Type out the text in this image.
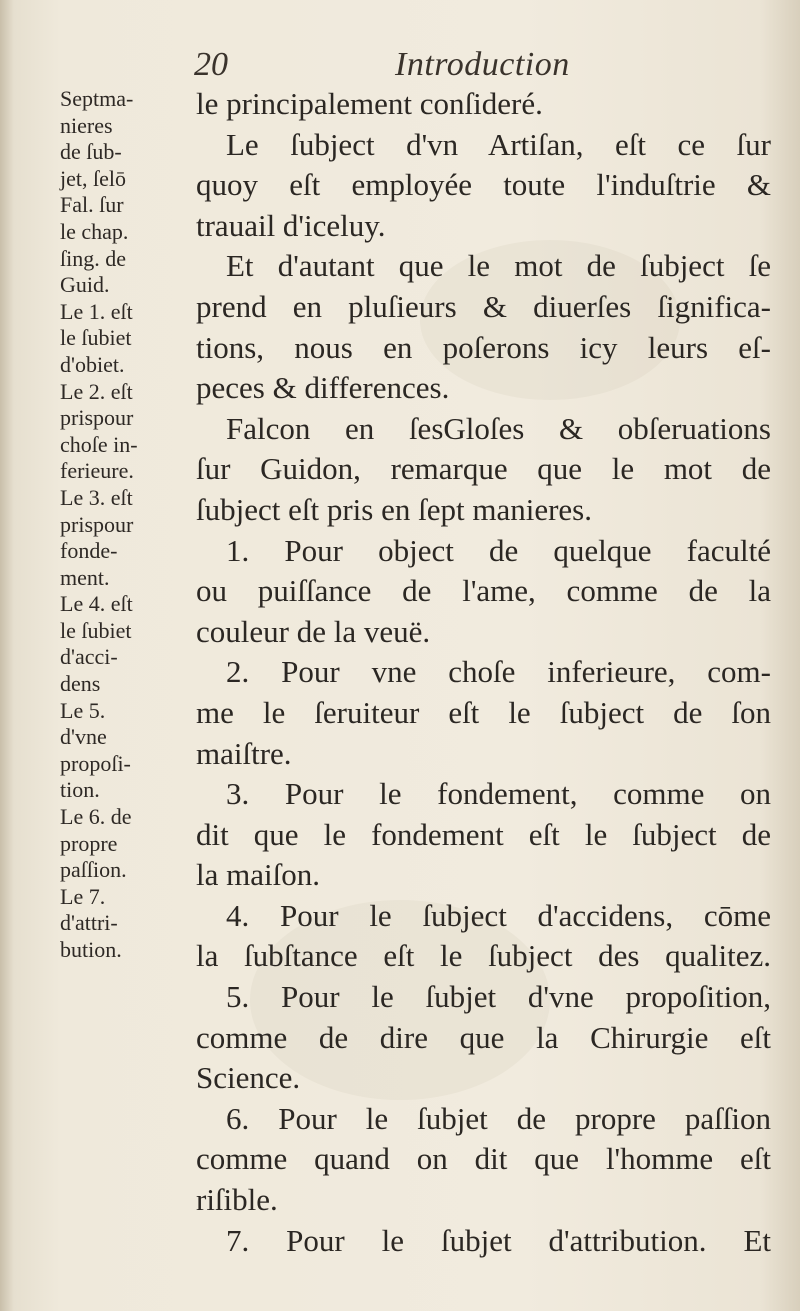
20	Introduction
Septma-
nieres
de ſub-
jet, ſelō
Fal. ſur
le chap.
ſing. de
Guid.
Le 1. eſt
le ſubiet
d'obiet.
Le 2. eſt
prispour
choſe in-
ferieure.
Le 3. eſt
prispour
fonde-
ment.
Le 4. eſt
le ſubiet
d'acci-
dens
Le 5.
d'vne
propoſi-
tion.
Le 6. de
propre
paſſion.
Le 7.
d'attri-
bution.
le principalement conſideré.
Le ſubject d'vn Artiſan, eſt ce ſur
quoy eſt employée toute l'induſtrie &
trauail d'iceluy.
Et d'autant que le mot de ſubject ſe
prend en pluſieurs & diuerſes ſignifica-
tions, nous en poſerons icy leurs eſ-
peces & differences.
Falcon en ſesGloſes & obſeruations
ſur Guidon, remarque que le mot de
ſubject eſt pris en ſept manieres.
1. Pour object de quelque faculté
ou puiſſance de l'ame, comme de la
couleur de la veuë.
2. Pour vne choſe inferieure, com-
me le ſeruiteur eſt le ſubject de ſon
maiſtre.
3. Pour le fondement, comme on
dit que le fondement eſt le ſubject de
la maiſon.
4. Pour le ſubject d'accidens, cōme
la ſubſtance eſt le ſubject des qualitez.
5. Pour le ſubjet d'vne propoſition,
comme de dire que la Chirurgie eſt
Science.
6. Pour le ſubjet de propre paſſion
comme quand on dit que l'homme eſt
riſible.
7. Pour le ſubjet d'attribution. Et
